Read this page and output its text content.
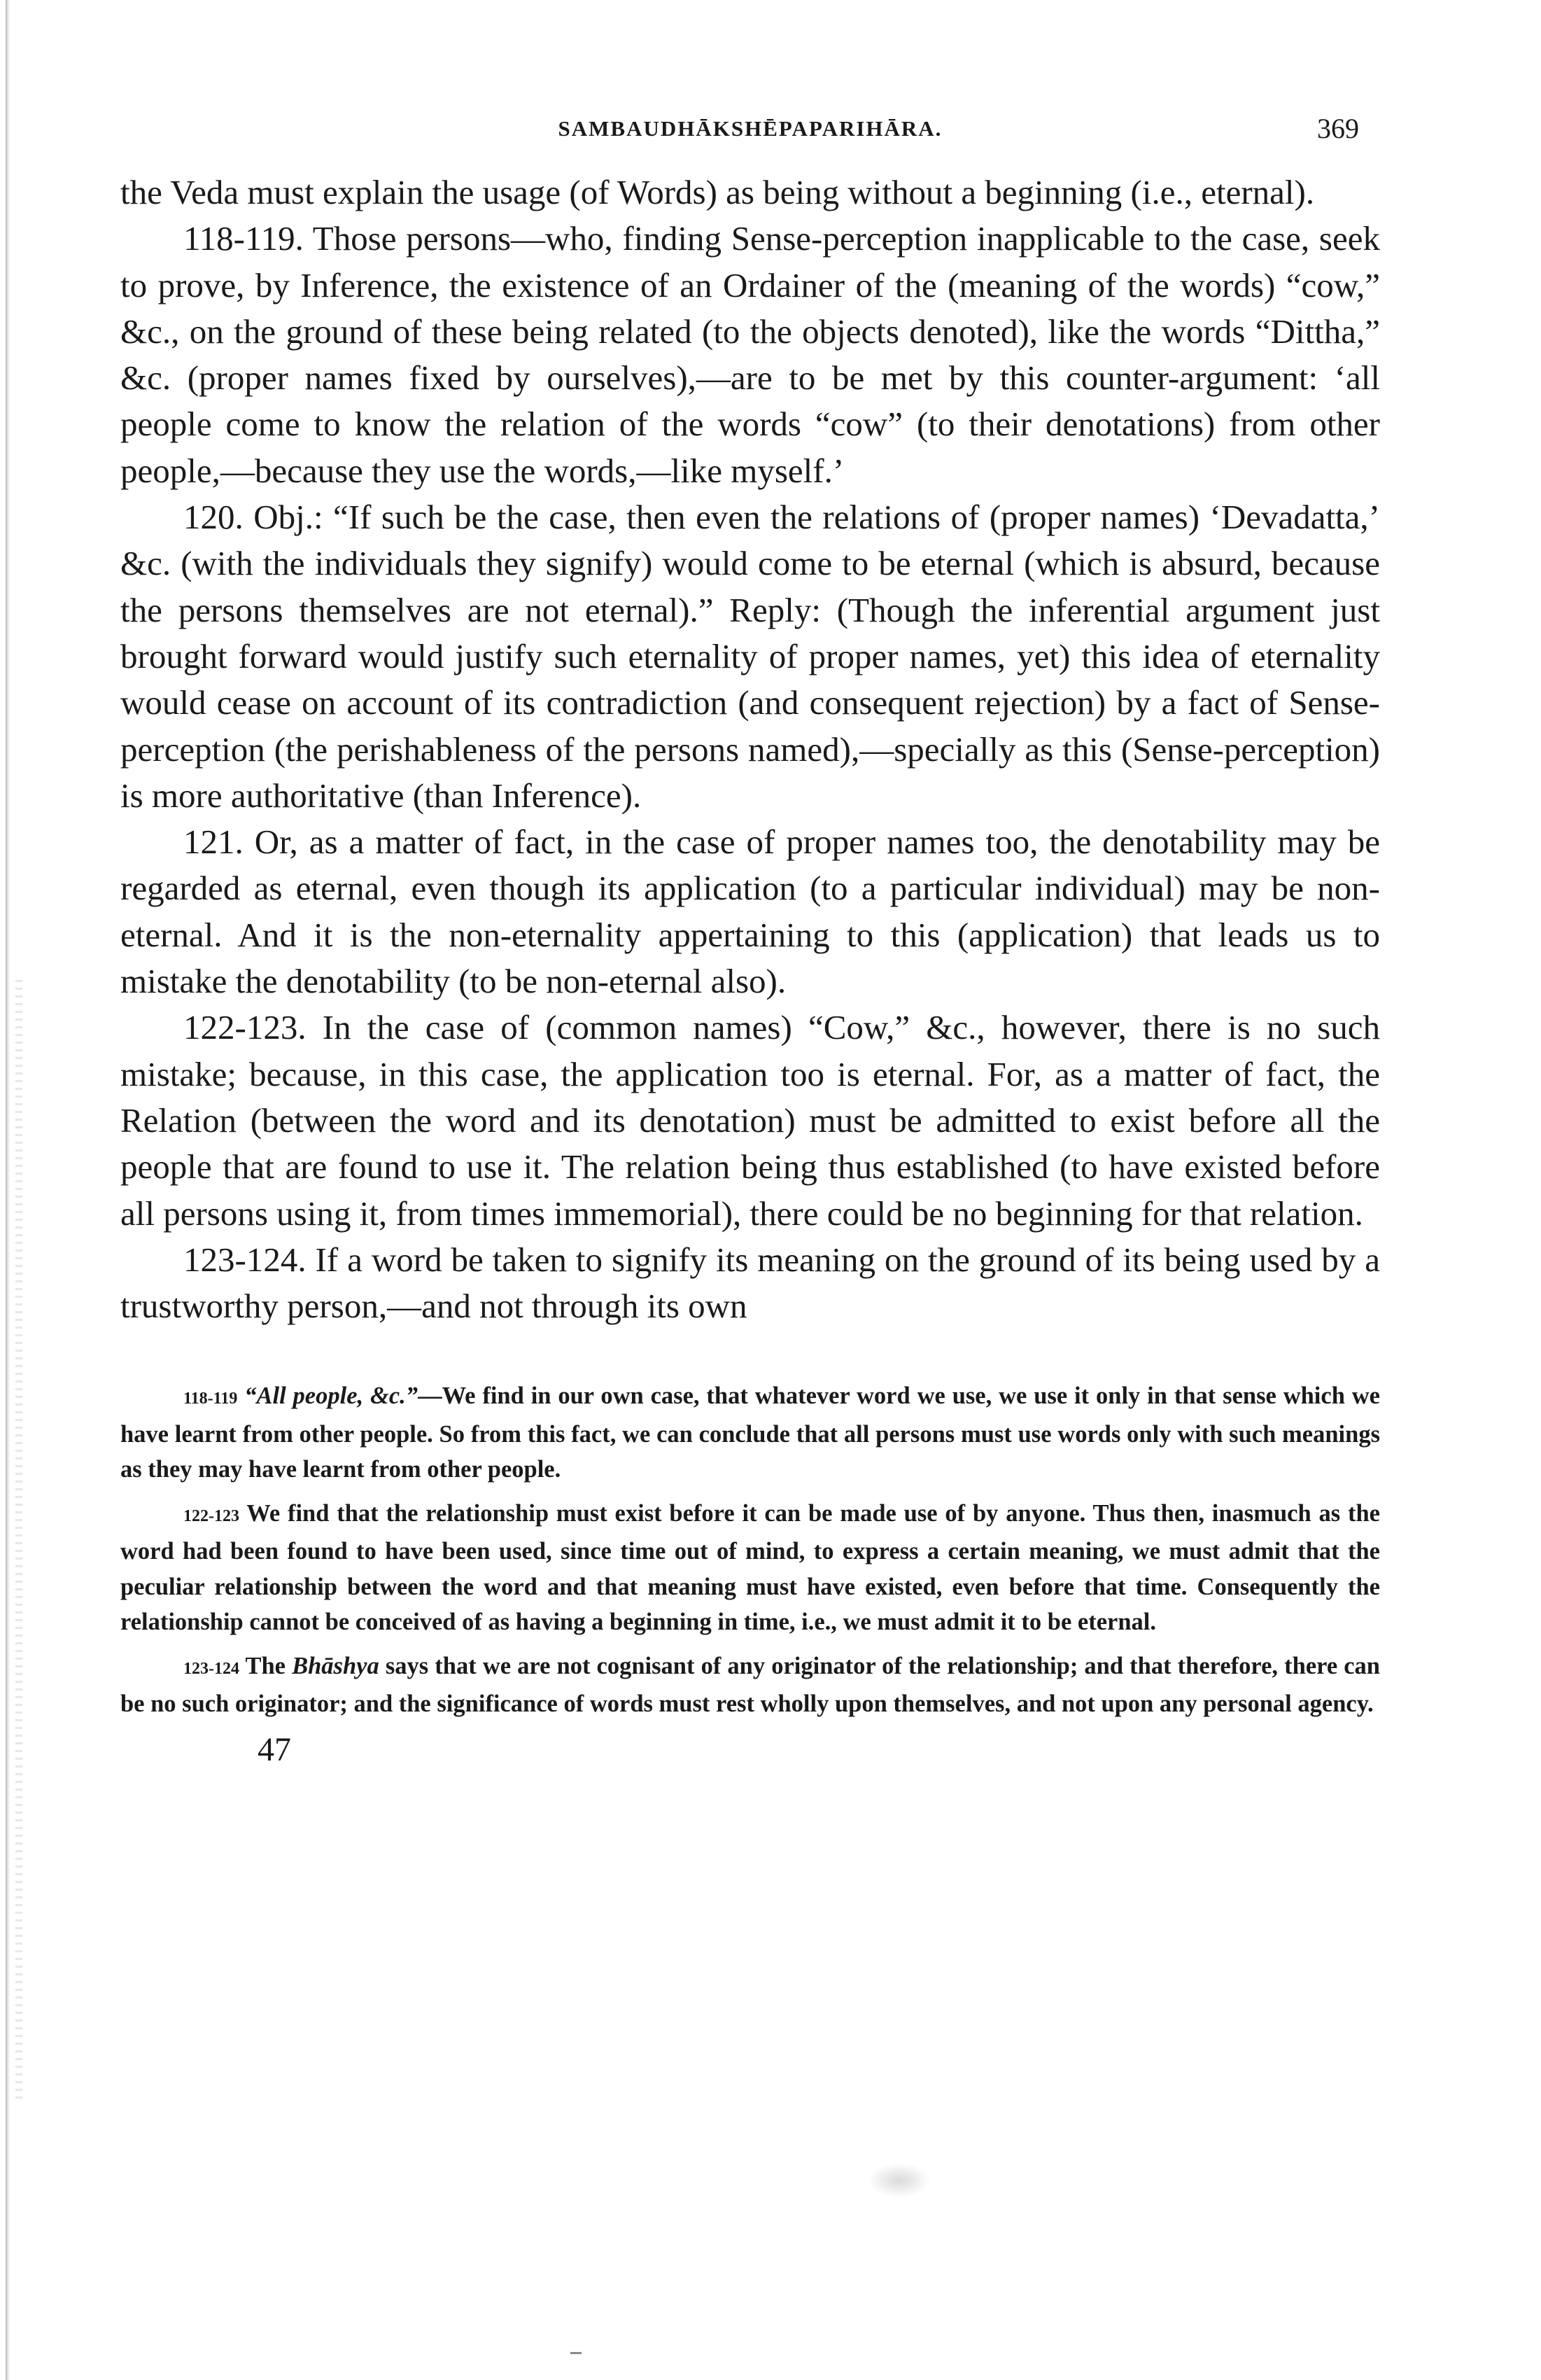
SAMBAUDHĀKSHĒPAPARIHĀRA.	369

the Veda must explain the usage (of Words) as being without a beginning (i.e., eternal).

118-119. Those persons—who, finding Sense-perception inapplicable to the case, seek to prove, by Inference, the existence of an Ordainer of the (meaning of the words) “cow,” &c., on the ground of these being related (to the objects denoted), like the words “Dittha,” &c. (proper names fixed by ourselves),—are to be met by this counter-argument: ‘all people come to know the relation of the words “cow” (to their denotations) from other people,—because they use the words,—like myself.’

120. Obj.: “If such be the case, then even the relations of (proper names) ‘Devadatta,’ &c. (with the individuals they signify) would come to be eternal (which is absurd, because the persons themselves are not eternal).” Reply: (Though the inferential argument just brought forward would justify such eternality of proper names, yet) this idea of eternality would cease on account of its contradiction (and consequent rejection) by a fact of Sense-perception (the perishableness of the persons named),—specially as this (Sense-perception) is more authoritative (than Inference).

121. Or, as a matter of fact, in the case of proper names too, the denotability may be regarded as eternal, even though its application (to a particular individual) may be non-eternal. And it is the non-eternality appertaining to this (application) that leads us to mistake the denotability (to be non-eternal also).

122-123. In the case of (common names) “Cow,” &c., however, there is no such mistake; because, in this case, the application too is eternal. For, as a matter of fact, the Relation (between the word and its denotation) must be admitted to exist before all the people that are found to use it. The relation being thus established (to have existed before all persons using it, from times immemorial), there could be no beginning for that relation.

123-124. If a word be taken to signify its meaning on the ground of its being used by a trustworthy person,—and not through its own

118-119 “All people, &c.”—We find in our own case, that whatever word we use, we use it only in that sense which we have learnt from other people. So from this fact, we can conclude that all persons must use words only with such meanings as they may have learnt from other people.

122-123 We find that the relationship must exist before it can be made use of by anyone. Thus then, inasmuch as the word had been found to have been used, since time out of mind, to express a certain meaning, we must admit that the peculiar relationship between the word and that meaning must have existed, even before that time. Consequently the relationship cannot be conceived of as having a beginning in time, i.e., we must admit it to be eternal.

123-124 The Bhāshya says that we are not cognisant of any originator of the relationship; and that therefore, there can be no such originator; and the significance of words must rest wholly upon themselves, and not upon any personal agency.

47
